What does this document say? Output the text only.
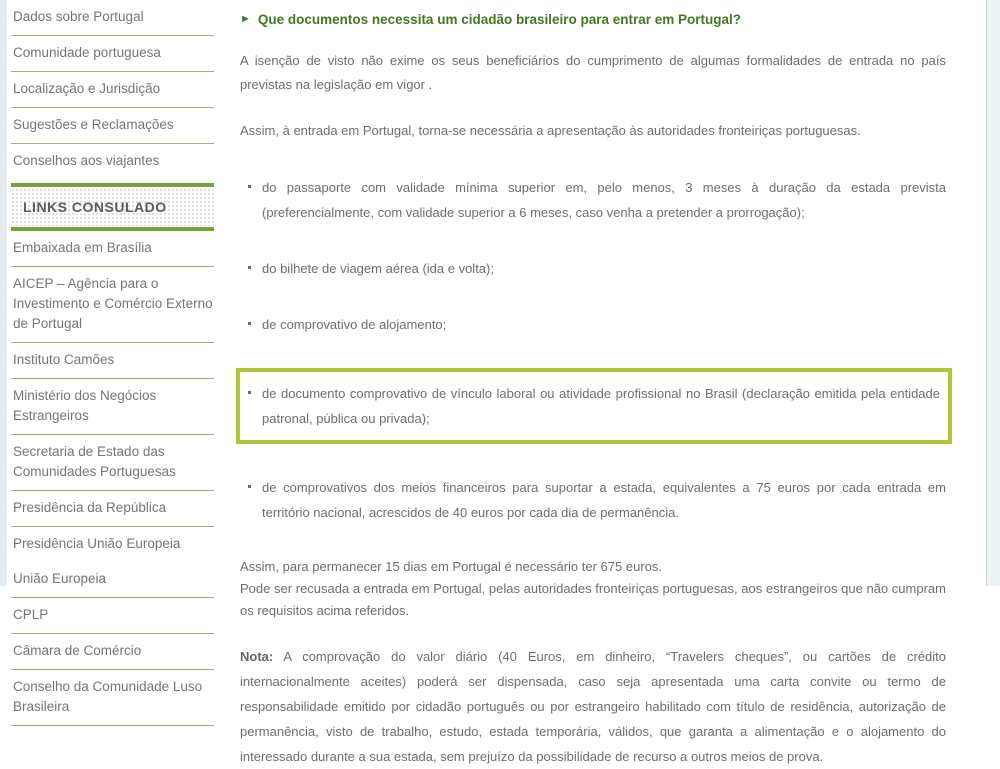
Dados sobre Portugal
Comunidade portuguesa
Localização e Jurisdição
Sugestões e Reclamações
Conselhos aos viajantes
LINKS CONSULADO
Embaixada em Brasília
AICEP – Agência para o Investimento e Comércio Externo de Portugal
Instituto Camões
Ministério dos Negócios Estrangeiros
Secretaria de Estado das Comunidades Portuguesas
Presidência da República
Presidência União Europeia
União Europeia
CPLP
Câmara de Comércio
Conselho da Comunidade Luso Brasileira
► Que documentos necessita um cidadão brasileiro para entrar em Portugal?

A isenção de visto não exime os seus beneficiários do cumprimento de algumas formalidades de entrada no país previstas na legislação em vigor .

Assim, à entrada em Portugal, torna-se necessária a apresentação às autoridades fronteiriças portuguesas.

do passaporte com validade mínima superior em, pelo menos, 3 meses à duração da estada prevista (preferencialmente, com validade superior a 6 meses, caso venha a pretender a prorrogação);
do bilhete de viagem aérea (ida e volta);
de comprovativo de alojamento;
de documento comprovativo de vínculo laboral ou atividade profissional no Brasil (declaração emitida pela entidade patronal, pública ou privada);
de comprovativos dos meios financeiros para suportar a estada, equivalentes a 75 euros por cada entrada em território nacional, acrescidos de 40 euros por cada dia de permanência.

Assim, para permanecer 15 dias em Portugal é necessário ter 675 euros.

Pode ser recusada a entrada em Portugal, pelas autoridades fronteiriças portuguesas, aos estrangeiros que não cumpram os requisitos acima referidos.

Nota: A comprovação do valor diário (40 Euros, em dinheiro, “Travelers cheques”, ou cartões de crédito internacionalmente aceites) poderá ser dispensada, caso seja apresentada uma carta convite ou termo de responsabilidade emitido por cidadão português ou por estrangeiro habilitado com título de residência, autorização de permanência, visto de trabalho, estudo, estada temporária, válidos, que garanta a alimentação e o alojamento do interessado durante a sua estada, sem prejuízo da possibilidade de recurso a outros meios de prova.
